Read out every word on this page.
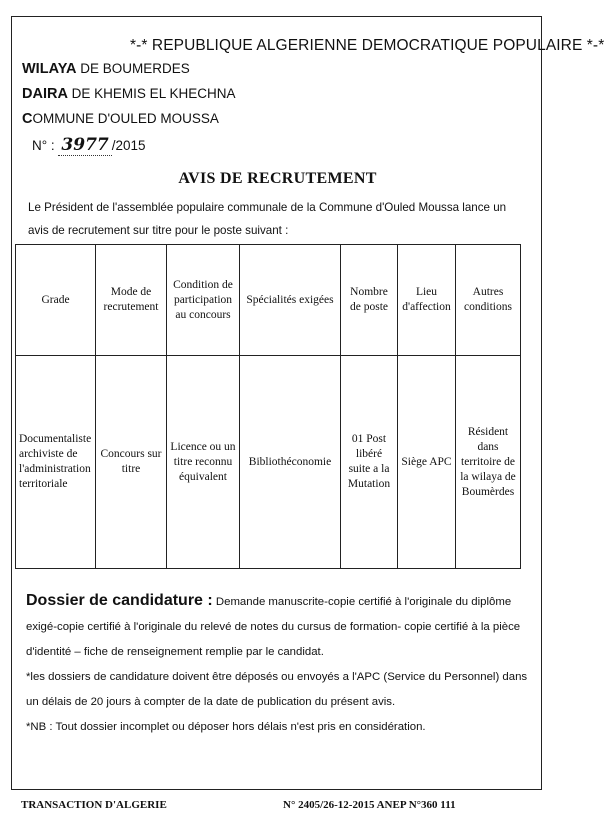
*-* REPUBLIQUE ALGERIENNE DEMOCRATIQUE POPULAIRE *-*
WILAYA DE BOUMERDES
DAIRA DE KHEMIS EL KHECHNA
COMMUNE D'OULED MOUSSA
N° : 3977 /2015
AVIS DE RECRUTEMENT
Le Président de l'assemblée populaire communale de la Commune d'Ouled Moussa lance un avis de recrutement sur titre pour le poste suivant :
Grade	Mode de recrutement	Condition de participation au concours	Spécialités exigées	Nombre de poste	Lieu d'affection	Autres conditions
Documentaliste archiviste de l'administration territoriale	Concours sur titre	Licence ou un titre reconnu équivalent	Bibliothéconomie	01 Post libéré suite a la Mutation	Siège APC	Résident dans territoire de la wilaya de Boumèrdes
Dossier de candidature : Demande manuscrite-copie certifié à l'originale du diplôme exigé-copie certifié à l'originale du relevé de notes du cursus de formation- copie certifié à la pièce d'identité – fiche de renseignement remplie par le candidat.
*les dossiers de candidature doivent être déposés ou envoyés a l'APC (Service du Personnel) dans un délais de 20 jours à compter de la date de publication du présent avis.
*NB : Tout dossier incomplet ou déposer hors délais n'est pris en considération.
TRANSACTION D'ALGERIE	N° 2405/26-12-2015 ANEP N°360 111
